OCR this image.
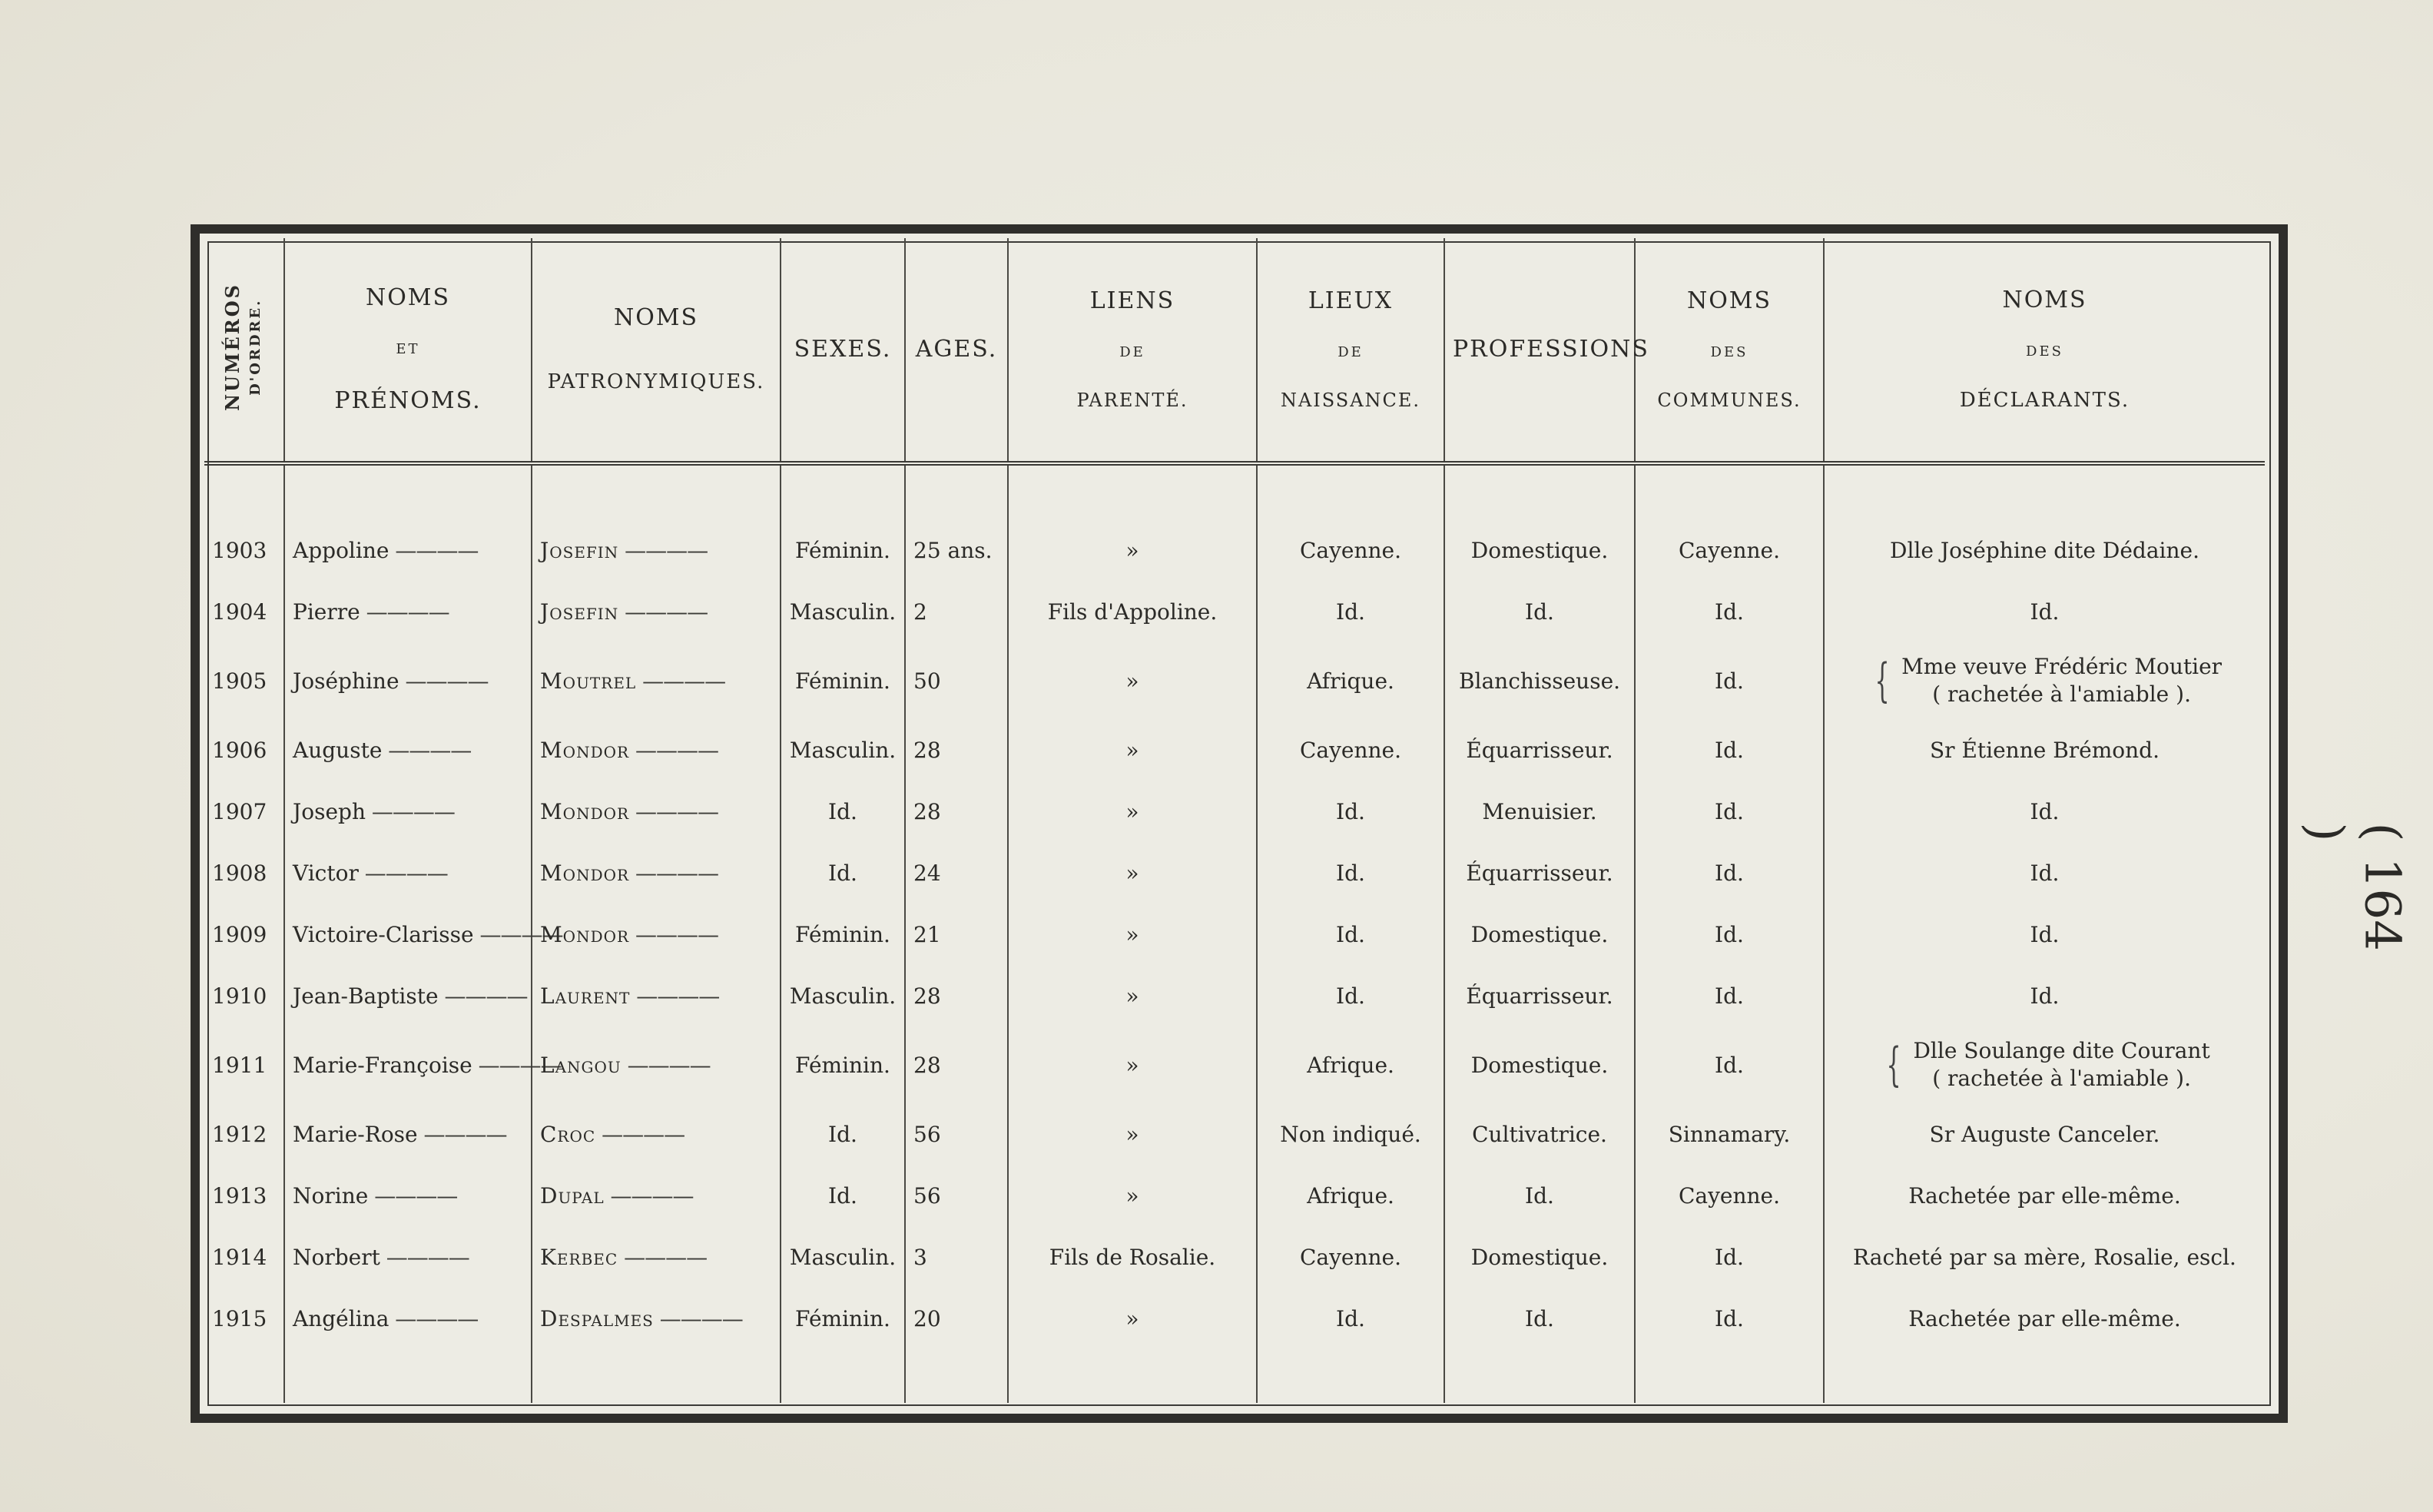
NUMÉROS D'ORDRE.	NOMS
ET
PRÉNOMS.	NOMS
PATRONYMIQUES.	SEXES.	AGES.	LIENS
DE
PARENTÉ.	LIEUX
DE
NAISSANCE.	PROFESSIONS	NOMS
DES
COMMUNES.	NOMS
DES
DÉCLARANTS.

1903	Appoline ————	Josefin ————	Féminin.	25 ans.	»	Cayenne.	Domestique.	Cayenne.	Dlle Joséphine dite Dédaine.
1904	Pierre ————	Josefin ————	Masculin.	2	Fils d'Appoline.	Id.	Id.	Id.	Id.
1905	Joséphine ————	Moutrel ————	Féminin.	50	»	Afrique.	Blanchisseuse.	Id.	{ Mme veuve Frédéric Moutier
( rachetée à l'amiable ).
1906	Auguste ————	Mondor ————	Masculin.	28	»	Cayenne.	Équarrisseur.	Id.	Sr Étienne Brémond.
1907	Joseph ————	Mondor ————	Id.	28	»	Id.	Menuisier.	Id.	Id.
1908	Victor ————	Mondor ————	Id.	24	»	Id.	Équarrisseur.	Id.	Id.
1909	Victoire-Clarisse ————	Mondor ————	Féminin.	21	»	Id.	Domestique.	Id.	Id.
1910	Jean-Baptiste ————	Laurent ————	Masculin.	28	»	Id.	Équarrisseur.	Id.	Id.
1911	Marie-Françoise ————	Langou ————	Féminin.	28	»	Afrique.	Domestique.	Id.	{ Dlle Soulange dite Courant
( rachetée à l'amiable ).
1912	Marie-Rose ————	Croc ————	Id.	56	»	Non indiqué.	Cultivatrice.	Sinnamary.	Sr Auguste Canceler.
1913	Norine ————	Dupal ————	Id.	56	»	Afrique.	Id.	Cayenne.	Rachetée par elle-même.
1914	Norbert ————	Kerbec ————	Masculin.	3	Fils de Rosalie.	Cayenne.	Domestique.	Id.	Racheté par sa mère, Rosalie, escl.
1915	Angélina ————	Despalmes ————	Féminin.	20	»	Id.	Id.	Id.	Rachetée par elle-même.

( 164 )
